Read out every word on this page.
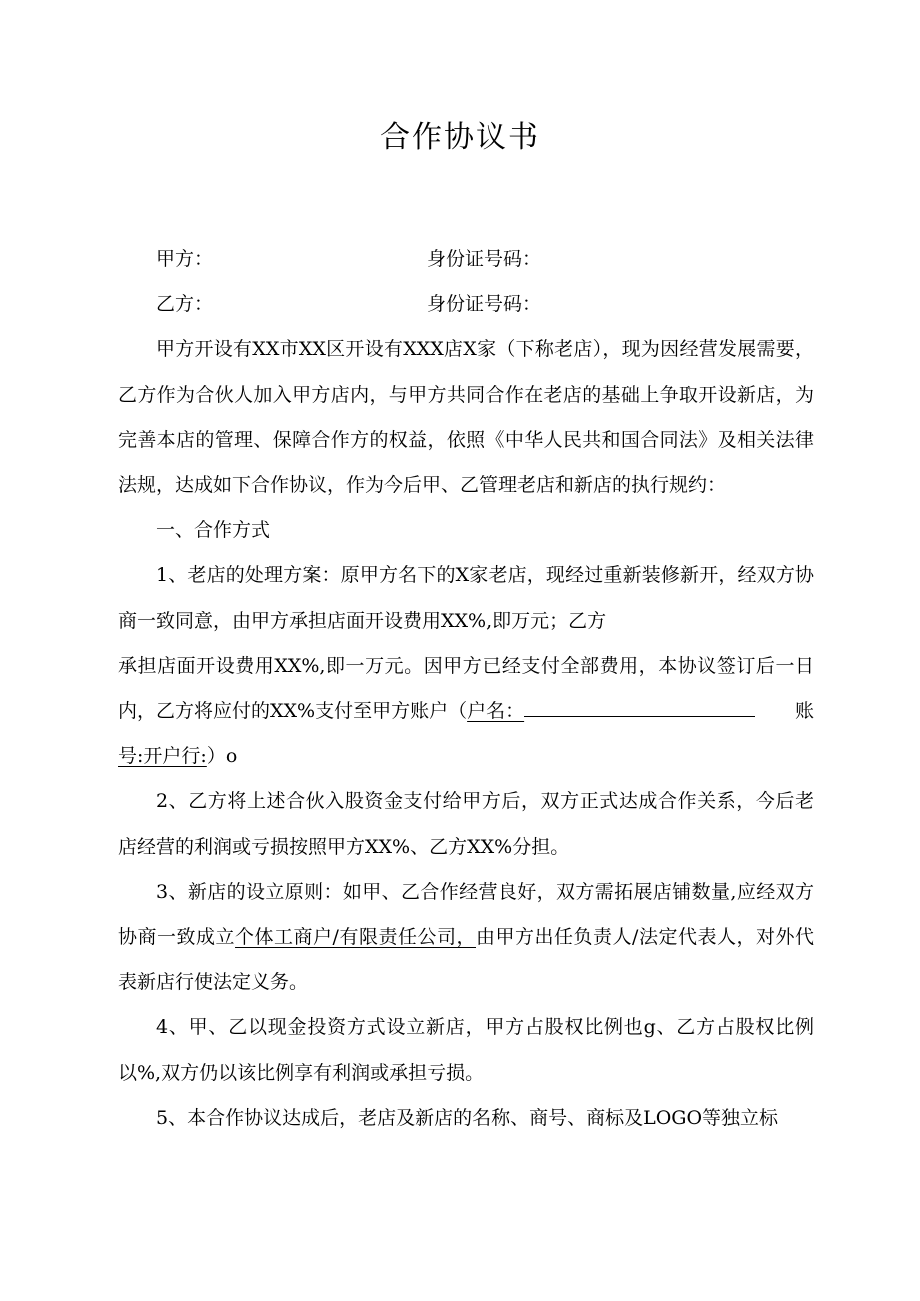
合作协议书
甲方：	身份证号码：
乙方：	身份证号码：

甲方开设有XX市XX区开设有XXX店X家（下称老店），现为因经营发展需要，乙方作为合伙人加入甲方店内，与甲方共同合作在老店的基础上争取开设新店，为完善本店的管理、保障合作方的权益，依照《中华人民共和国合同法》及相关法律法规，达成如下合作协议，作为今后甲、乙管理老店和新店的执行规约：

一、合作方式

1、老店的处理方案：原甲方名下的X家老店，现经过重新装修新开，经双方协商一致同意，由甲方承担店面开设费用XX%,即万元；乙方

承担店面开设费用XX%,即一万元。因甲方已经支付全部费用，本协议签订后一日内，乙方将应付的XX%支付至甲方账户（户名：	账

号:开户行:）o

2、乙方将上述合伙入股资金支付给甲方后，双方正式达成合作关系，今后老店经营的利润或亏损按照甲方XX%、乙方XX%分担。

3、新店的设立原则：如甲、乙合作经营良好，双方需拓展店铺数量,应经双方协商一致成立个体工商户/有限责任公司，由甲方出任负责人/法定代表人，对外代表新店行使法定义务。

4、甲、乙以现金投资方式设立新店，甲方占股权比例也g、乙方占股权比例以%,双方仍以该比例享有利润或承担亏损。

5、本合作协议达成后，老店及新店的名称、商号、商标及LOGO等独立标
